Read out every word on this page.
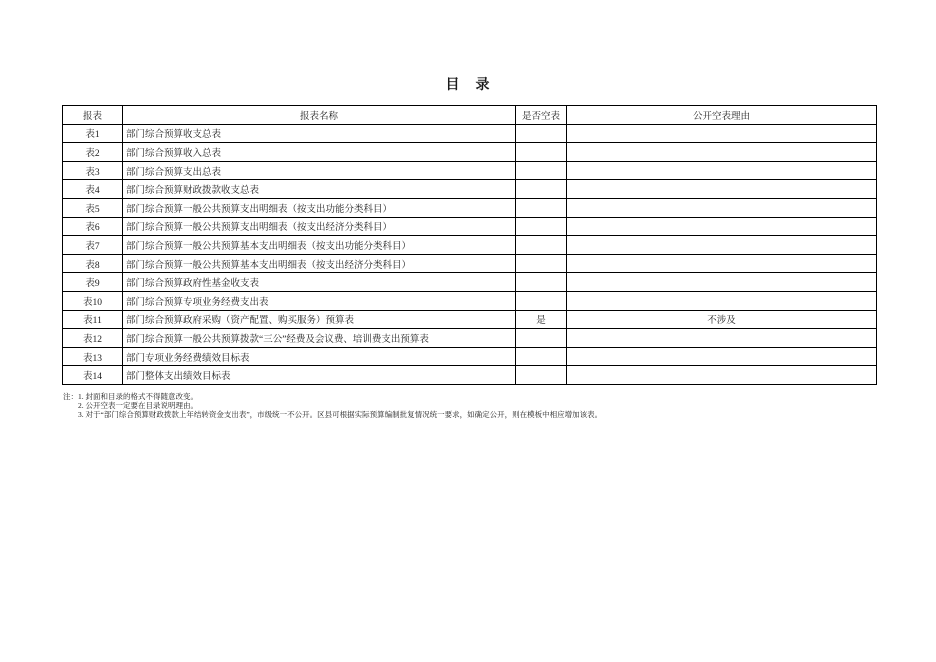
目　录
报表	报表名称	是否空表	公开空表理由
表1	部门综合预算收支总表		
表2	部门综合预算收入总表		
表3	部门综合预算支出总表		
表4	部门综合预算财政拨款收支总表		
表5	部门综合预算一般公共预算支出明细表（按支出功能分类科目）		
表6	部门综合预算一般公共预算支出明细表（按支出经济分类科目）		
表7	部门综合预算一般公共预算基本支出明细表（按支出功能分类科目）		
表8	部门综合预算一般公共预算基本支出明细表（按支出经济分类科目）		
表9	部门综合预算政府性基金收支表		
表10	部门综合预算专项业务经费支出表		
表11	部门综合预算政府采购（资产配置、购买服务）预算表	是	不涉及
表12	部门综合预算一般公共预算拨款“三公”经费及会议费、培训费支出预算表		
表13	部门专项业务经费绩效目标表		
表14	部门整体支出绩效目标表		
注： 1. 封面和目录的格式不得随意改变。
2. 公开空表一定要在目录说明理由。
3. 对于“部门综合预算财政拨款上年结转资金支出表”，市级统一不公开。区县可根据实际预算编制批复情况统一要求，如确定公开，则在模板中相应增加该表。
